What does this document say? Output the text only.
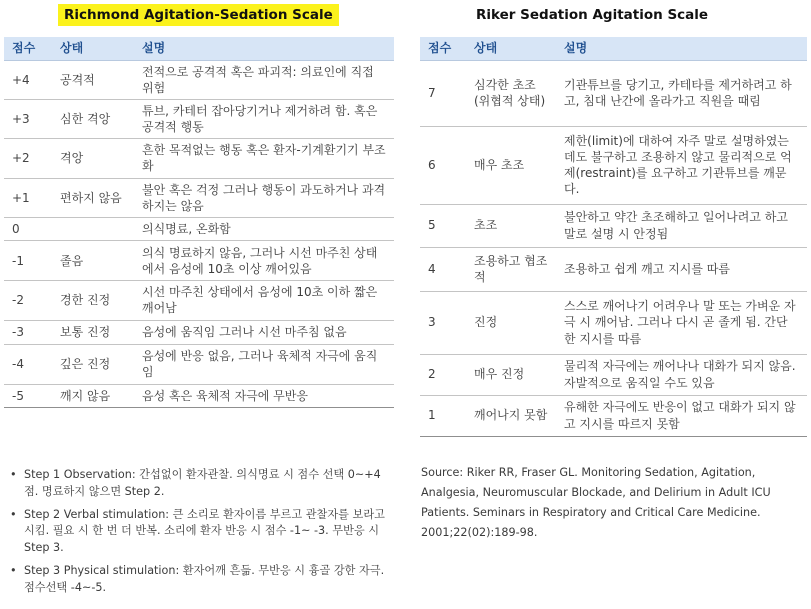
Richmond Agitation-Sedation Scale	Riker Sedation Agitation Scale
점수	상태	설명
+4	공격적	전적으로 공격적 혹은 파괴적: 의료인에 직접 위험
+3	심한 격앙	튜브, 카테터 잡아당기거나 제거하려 함. 혹은 공격적 행동
+2	격앙	흔한 목적없는 행동 혹은 환자-기계환기기 부조화
+1	편하지 않음	불안 혹은 걱정 그러나 행동이 과도하거나 과격하지는 않음
0		의식명료, 온화함
-1	졸음	의식 명료하지 않음, 그러나 시선 마주친 상태에서 음성에 10초 이상 깨어있음
-2	경한 진정	시선 마주친 상태에서 음성에 10초 이하 짧은 깨어남
-3	보통 진정	음성에 움직임 그러나 시선 마주침 없음
-4	깊은 진정	음성에 반응 없음, 그러나 육체적 자극에 움직임
-5	깨지 않음	음성 혹은 육체적 자극에 무반응
• Step 1 Observation: 간섭없이 환자관찰. 의식명료 시 점수 선택 0~+4점. 명료하지 않으면 Step 2.
• Step 2 Verbal stimulation: 큰 소리로 환자이름 부르고 관찰자를 보라고 시킴. 필요 시 한 번 더 반복. 소리에 환자 반응 시 점수 -1~ -3. 무반응 시 Step 3.
• Step 3 Physical stimulation: 환자어깨 흔듦. 무반응 시 흉골 강한 자극. 점수선택 -4~-5.
점수	상태	설명
7	심각한 초조 (위협적 상태)	기관튜브를 당기고, 카테타를 제거하려고 하고, 침대 난간에 올라가고 직원을 때림
6	매우 초조	제한(limit)에 대하여 자주 말로 설명하였는데도 불구하고 조용하지 않고 물리적으로 억제(restraint)를 요구하고 기관튜브를 깨문다.
5	초조	불안하고 약간 초조해하고 일어나려고 하고 말로 설명 시 안정됨
4	조용하고 협조적	조용하고 쉽게 깨고 지시를 따름
3	진정	스스로 깨어나기 어려우나 말 또는 가벼운 자극 시 깨어남. 그러나 다시 곧 졸게 됨. 간단한 지시를 따름
2	매우 진정	물리적 자극에는 깨어나나 대화가 되지 않음. 자발적으로 움직일 수도 있음
1	깨어나지 못함	유해한 자극에도 반응이 없고 대화가 되지 않고 지시를 따르지 못함
Source: Riker RR, Fraser GL. Monitoring Sedation, Agitation, Analgesia, Neuromuscular Blockade, and Delirium in Adult ICU Patients. Seminars in Respiratory and Critical Care Medicine. 2001;22(02):189-98.
